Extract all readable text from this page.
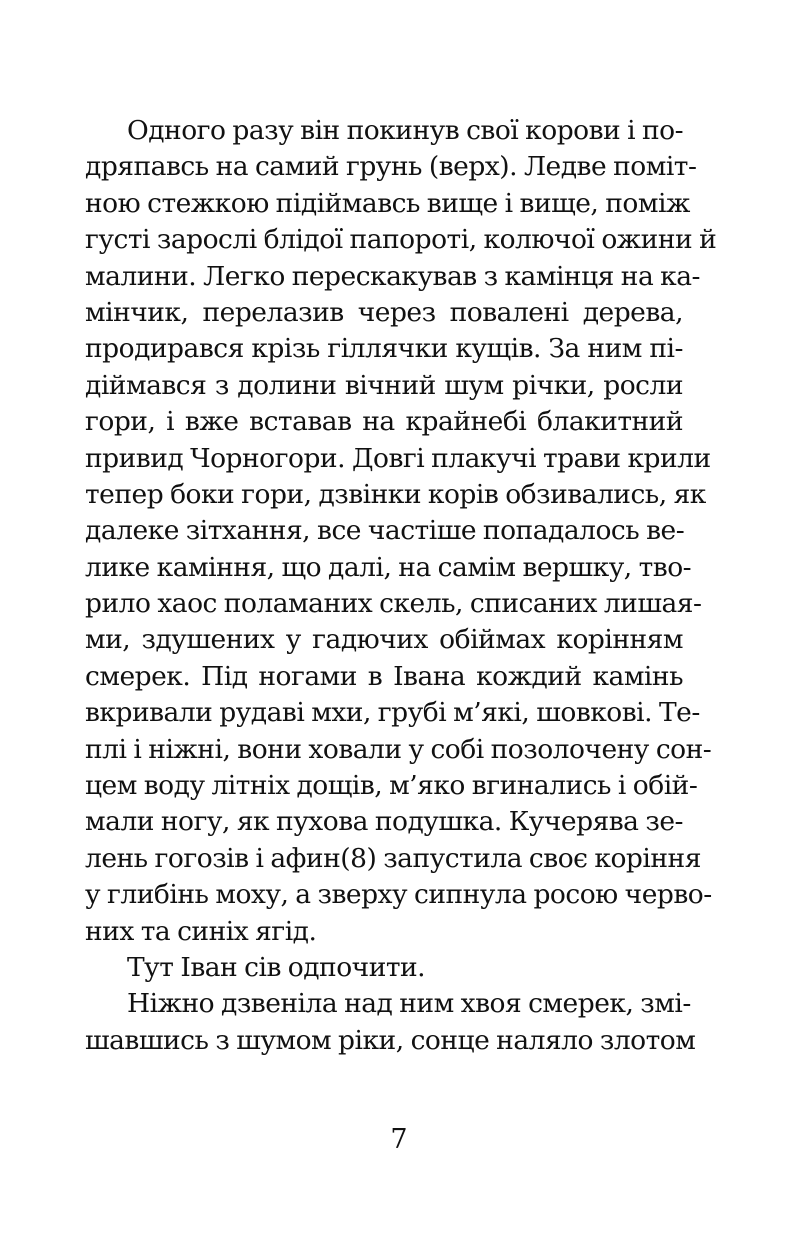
Одного разу він покинув свої корови і по-
дряпавсь на самий грунь (верх). Ледве поміт-
ною стежкою підіймавсь вище і вище, поміж
густі зарослі блідої папороті, колючої ожини й
малини. Легко перескакував з камінця на ка-
мінчик, перелазив через повалені дерева,
продирався крізь гіллячки кущів. За ним пі-
діймався з долини вічний шум річки, росли
гори, і вже вставав на крайнебі блакитний
привид Чорногори. Довгі плакучі трави крили
тепер боки гори, дзвінки корів обзивались, як
далеке зітхання, все частіше попадалось ве-
лике каміння, що далі, на самім вершку, тво-
рило хаос поламаних скель, списаних лишая-
ми, здушених у гадючих обіймах корінням
смерек. Під ногами в Івана кождий камінь
вкривали рудаві мхи, грубі м’які, шовкові. Те-
плі і ніжні, вони ховали у собі позолочену сон-
цем воду літніх дощів, м’яко вгинались і обій-
мали ногу, як пухова подушка. Кучерява зе-
лень гогозів і афин(8) запустила своє коріння
у глибінь моху, а зверху сипнула росою черво-
них та синіх ягід.
Тут Іван сів одпочити.
Ніжно дзвеніла над ним хвоя смерек, змі-
шавшись з шумом ріки, сонце наляло злотом
7
